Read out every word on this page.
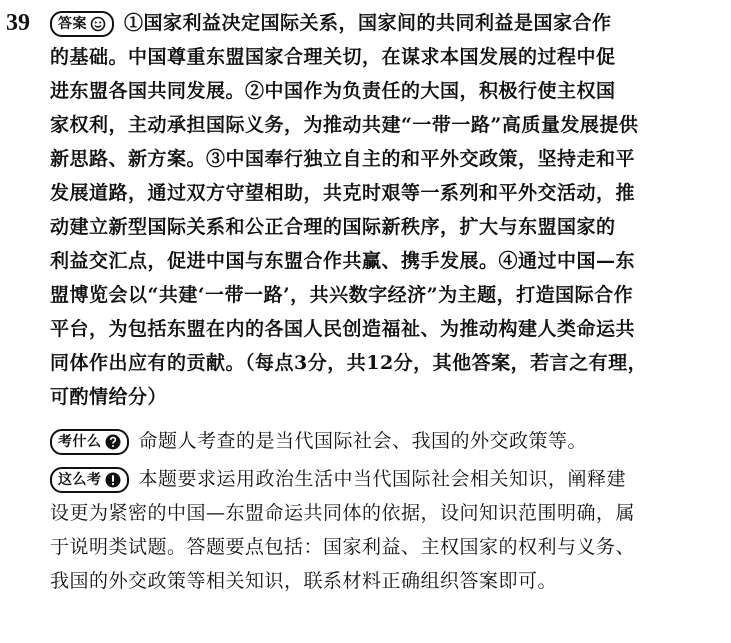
39 答案 ①国家利益决定国际关系，国家间的共同利益是国家合作
的基础。中国尊重东盟国家合理关切，在谋求本国发展的过程中促
进东盟各国共同发展。②中国作为负责任的大国，积极行使主权国
家权利，主动承担国际义务，为推动共建“一带一路”高质量发展提供
新思路、新方案。③中国奉行独立自主的和平外交政策，坚持走和平
发展道路，通过双方守望相助，共克时艰等一系列和平外交活动，推
动建立新型国际关系和公正合理的国际新秩序，扩大与东盟国家的
利益交汇点，促进中国与东盟合作共赢、携手发展。④通过中国—东
盟博览会以“共建‘一带一路’，共兴数字经济”为主题，打造国际合作
平台，为包括东盟在内的各国人民创造福祉、为推动构建人类命运共
同体作出应有的贡献。（每点3分，共12分，其他答案，若言之有理，
可酌情给分）
考什么 命题人考查的是当代国际社会、我国的外交政策等。
这么考 本题要求运用政治生活中当代国际社会相关知识，阐释建
设更为紧密的中国—东盟命运共同体的依据，设问知识范围明确，属
于说明类试题。答题要点包括：国家利益、主权国家的权利与义务、
我国的外交政策等相关知识，联系材料正确组织答案即可。
